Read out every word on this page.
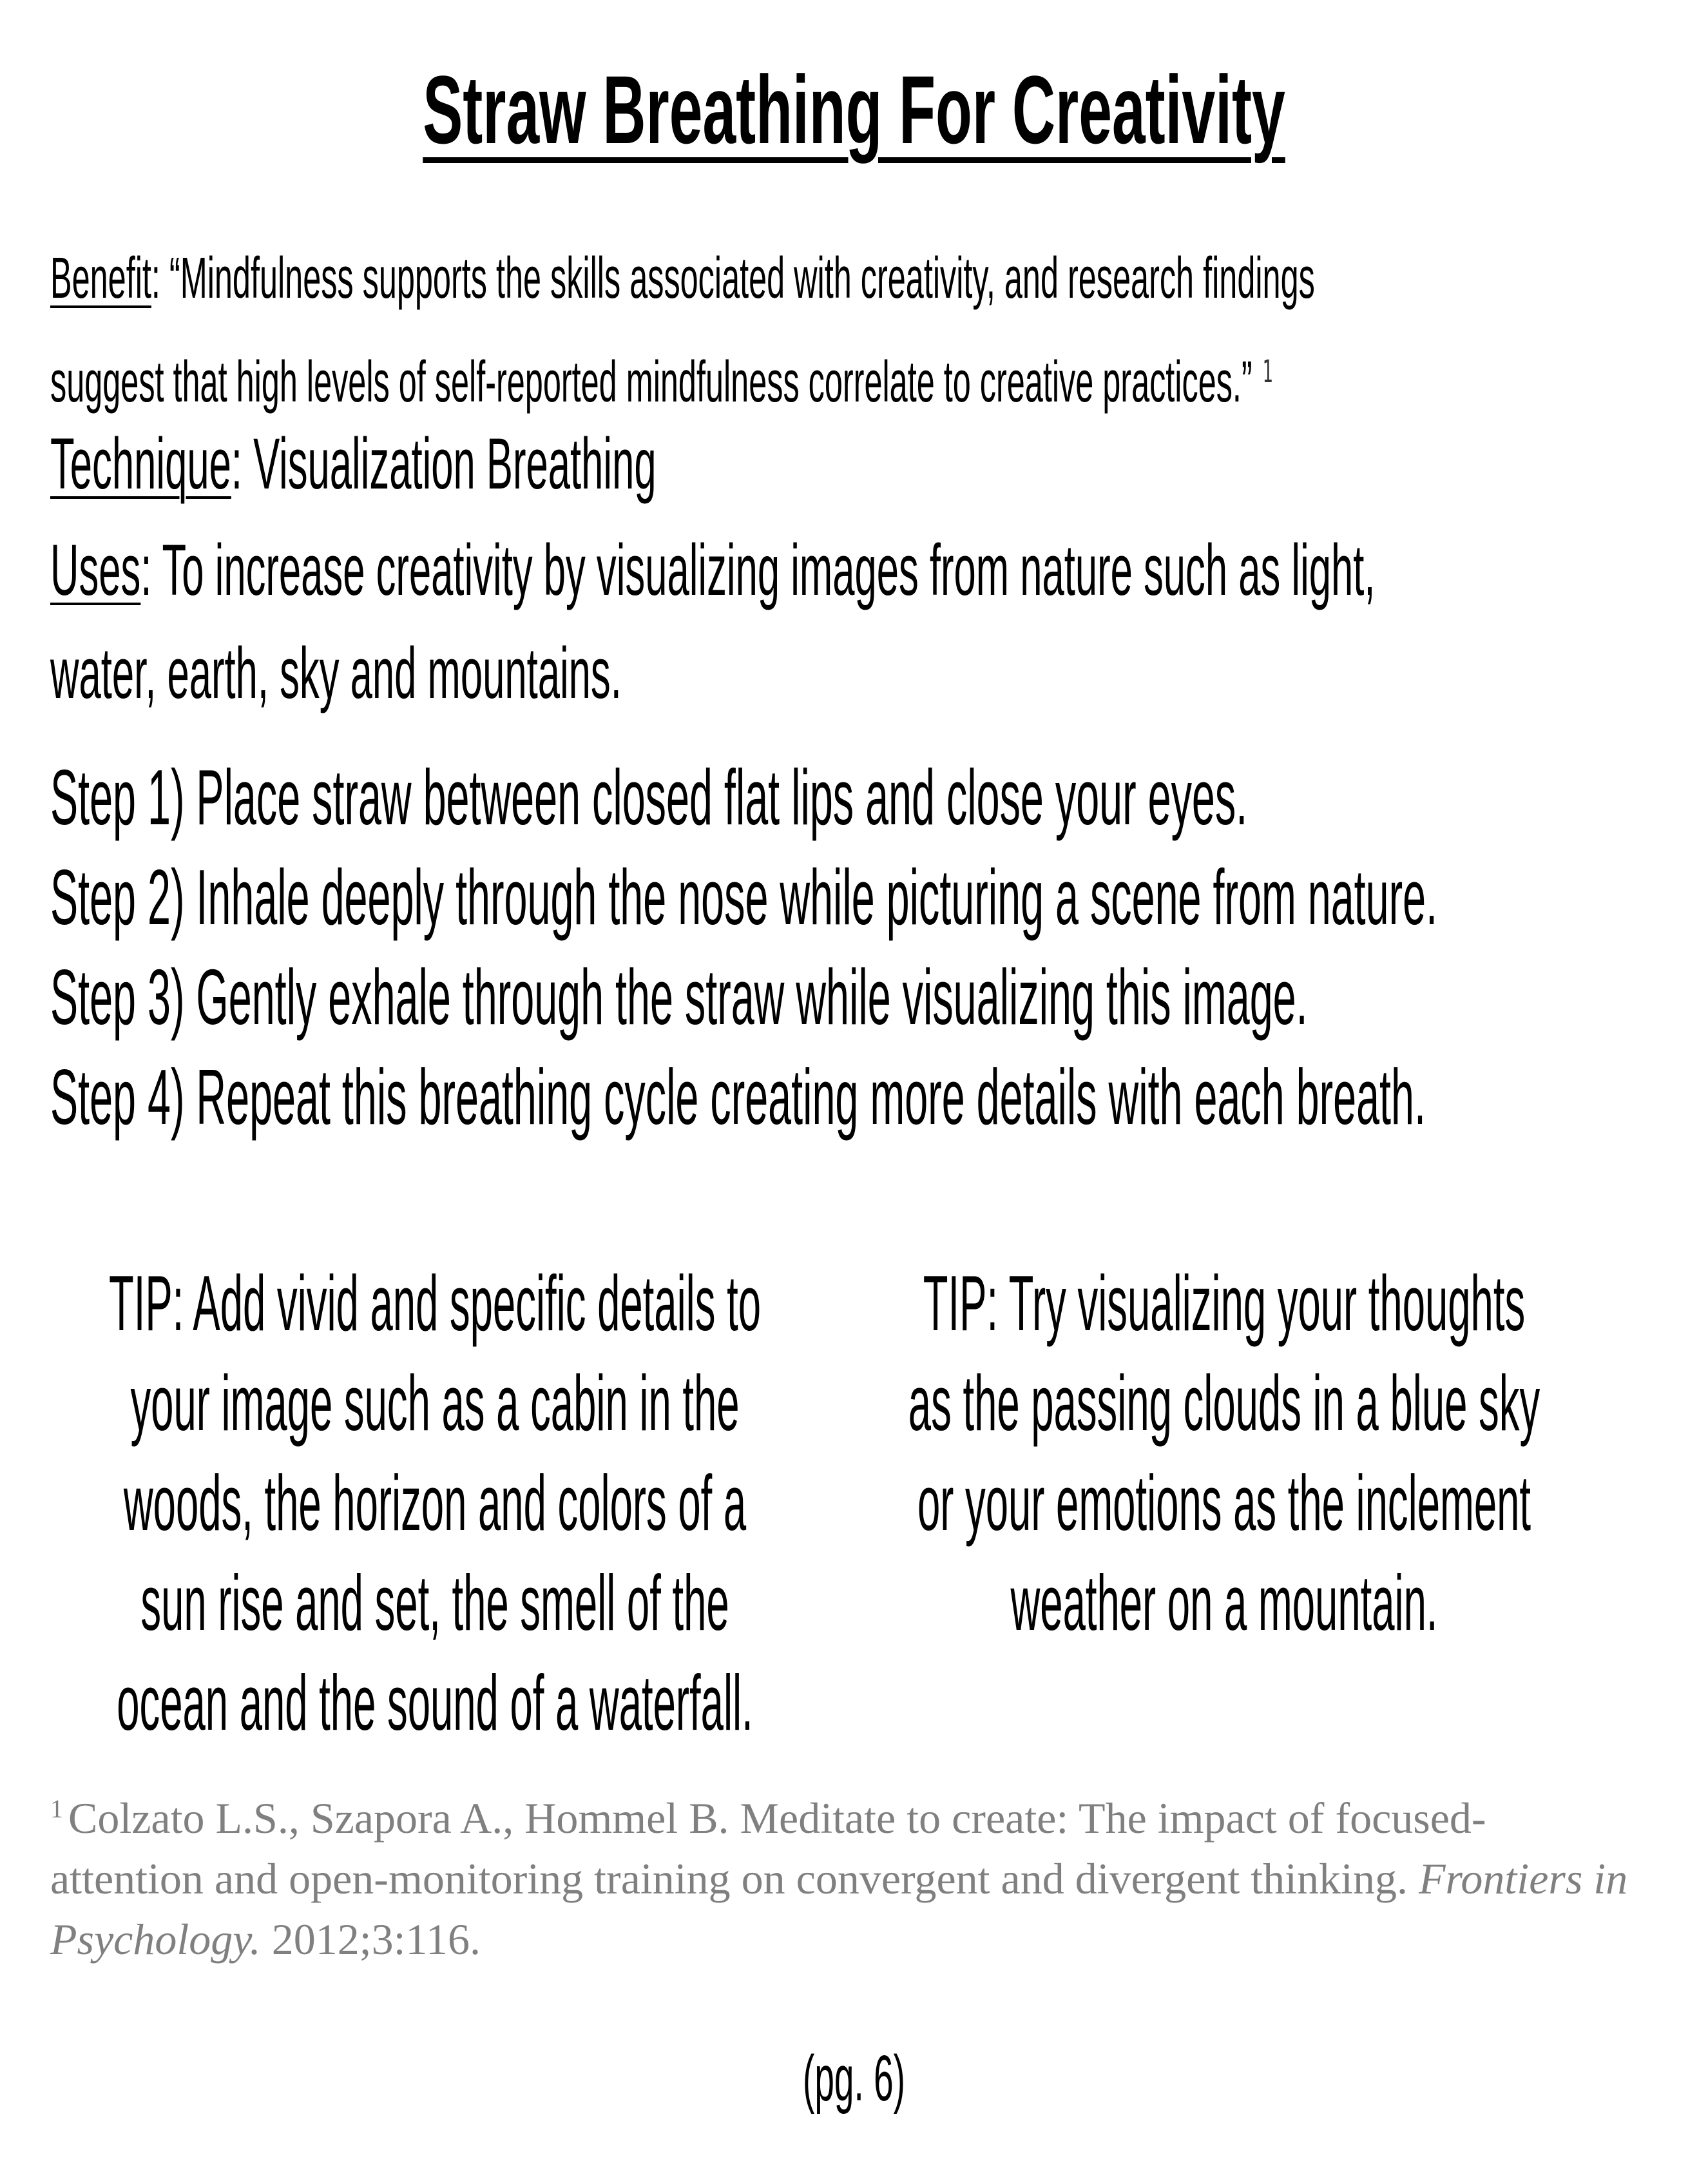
Straw Breathing For Creativity
Benefit: “Mindfulness supports the skills associated with creativity, and research findings
suggest that high levels of self-reported mindfulness correlate to creative practices.” $^1$
Technique: Visualization Breathing
Uses: To increase creativity by visualizing images from nature such as light,
water, earth, sky and mountains.
Step 1) Place straw between closed flat lips and close your eyes.
Step 2) Inhale deeply through the nose while picturing a scene from nature.
Step 3) Gently exhale through the straw while visualizing this image.
Step 4) Repeat this breathing cycle creating more details with each breath.
TIP: Add vivid and specific details to
your image such as a cabin in the
woods, the horizon and colors of a
sun rise and set, the smell of the
ocean and the sound of a waterfall.
TIP: Try visualizing your thoughts
as the passing clouds in a blue sky
or your emotions as the inclement
weather on a mountain.
$^1$ Colzato L.S., Szapora A., Hommel B. Meditate to create: The impact of focused-attention and open-monitoring training on convergent and divergent thinking. Frontiers in Psychology. 2012;3:116.
(pg. 6)
